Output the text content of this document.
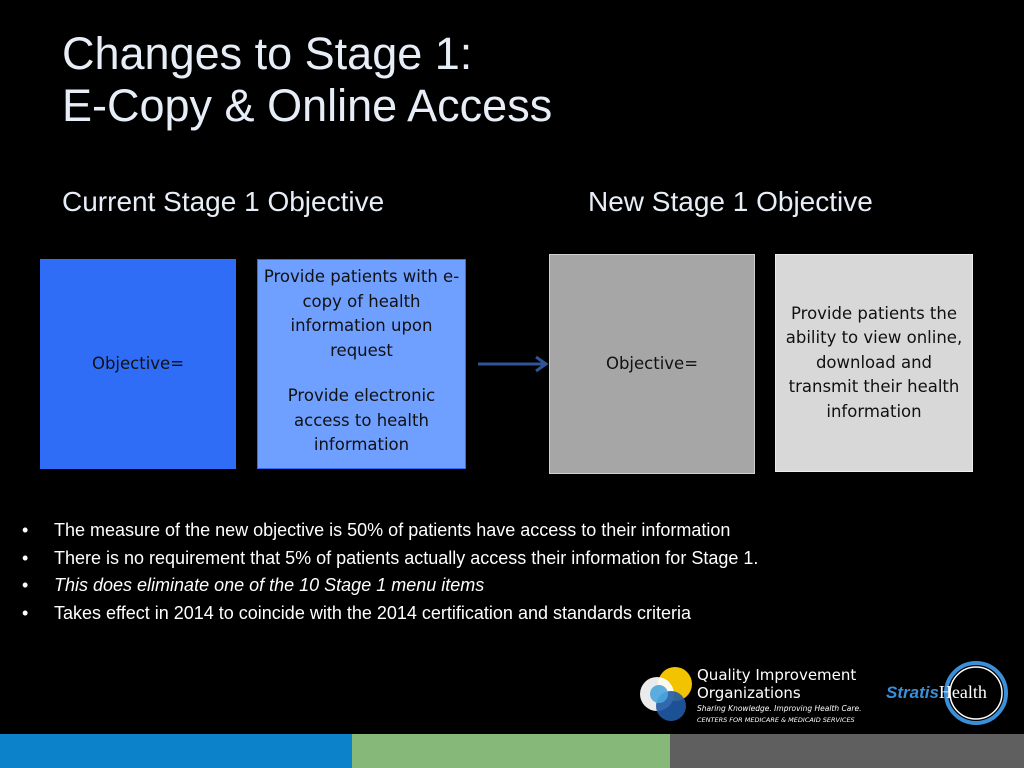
Changes to Stage 1:
E-Copy & Online Access
Current Stage 1 Objective	New Stage 1 Objective

Objective=

Provide patients with e-copy of health information upon request

Provide electronic access to health information

Objective=

Provide patients the ability to view online, download and transmit their health information

• The measure of the new objective is 50% of patients have access to their information
• There is no requirement that 5% of patients actually access their information for Stage 1.
• This does eliminate one of the 10 Stage 1 menu items
• Takes effect in 2014 to coincide with the 2014 certification and standards criteria
Quality Improvement
Organizations
Sharing Knowledge. Improving Health Care.
CENTERS FOR MEDICARE & MEDICAID SERVICES
StratisHealth
